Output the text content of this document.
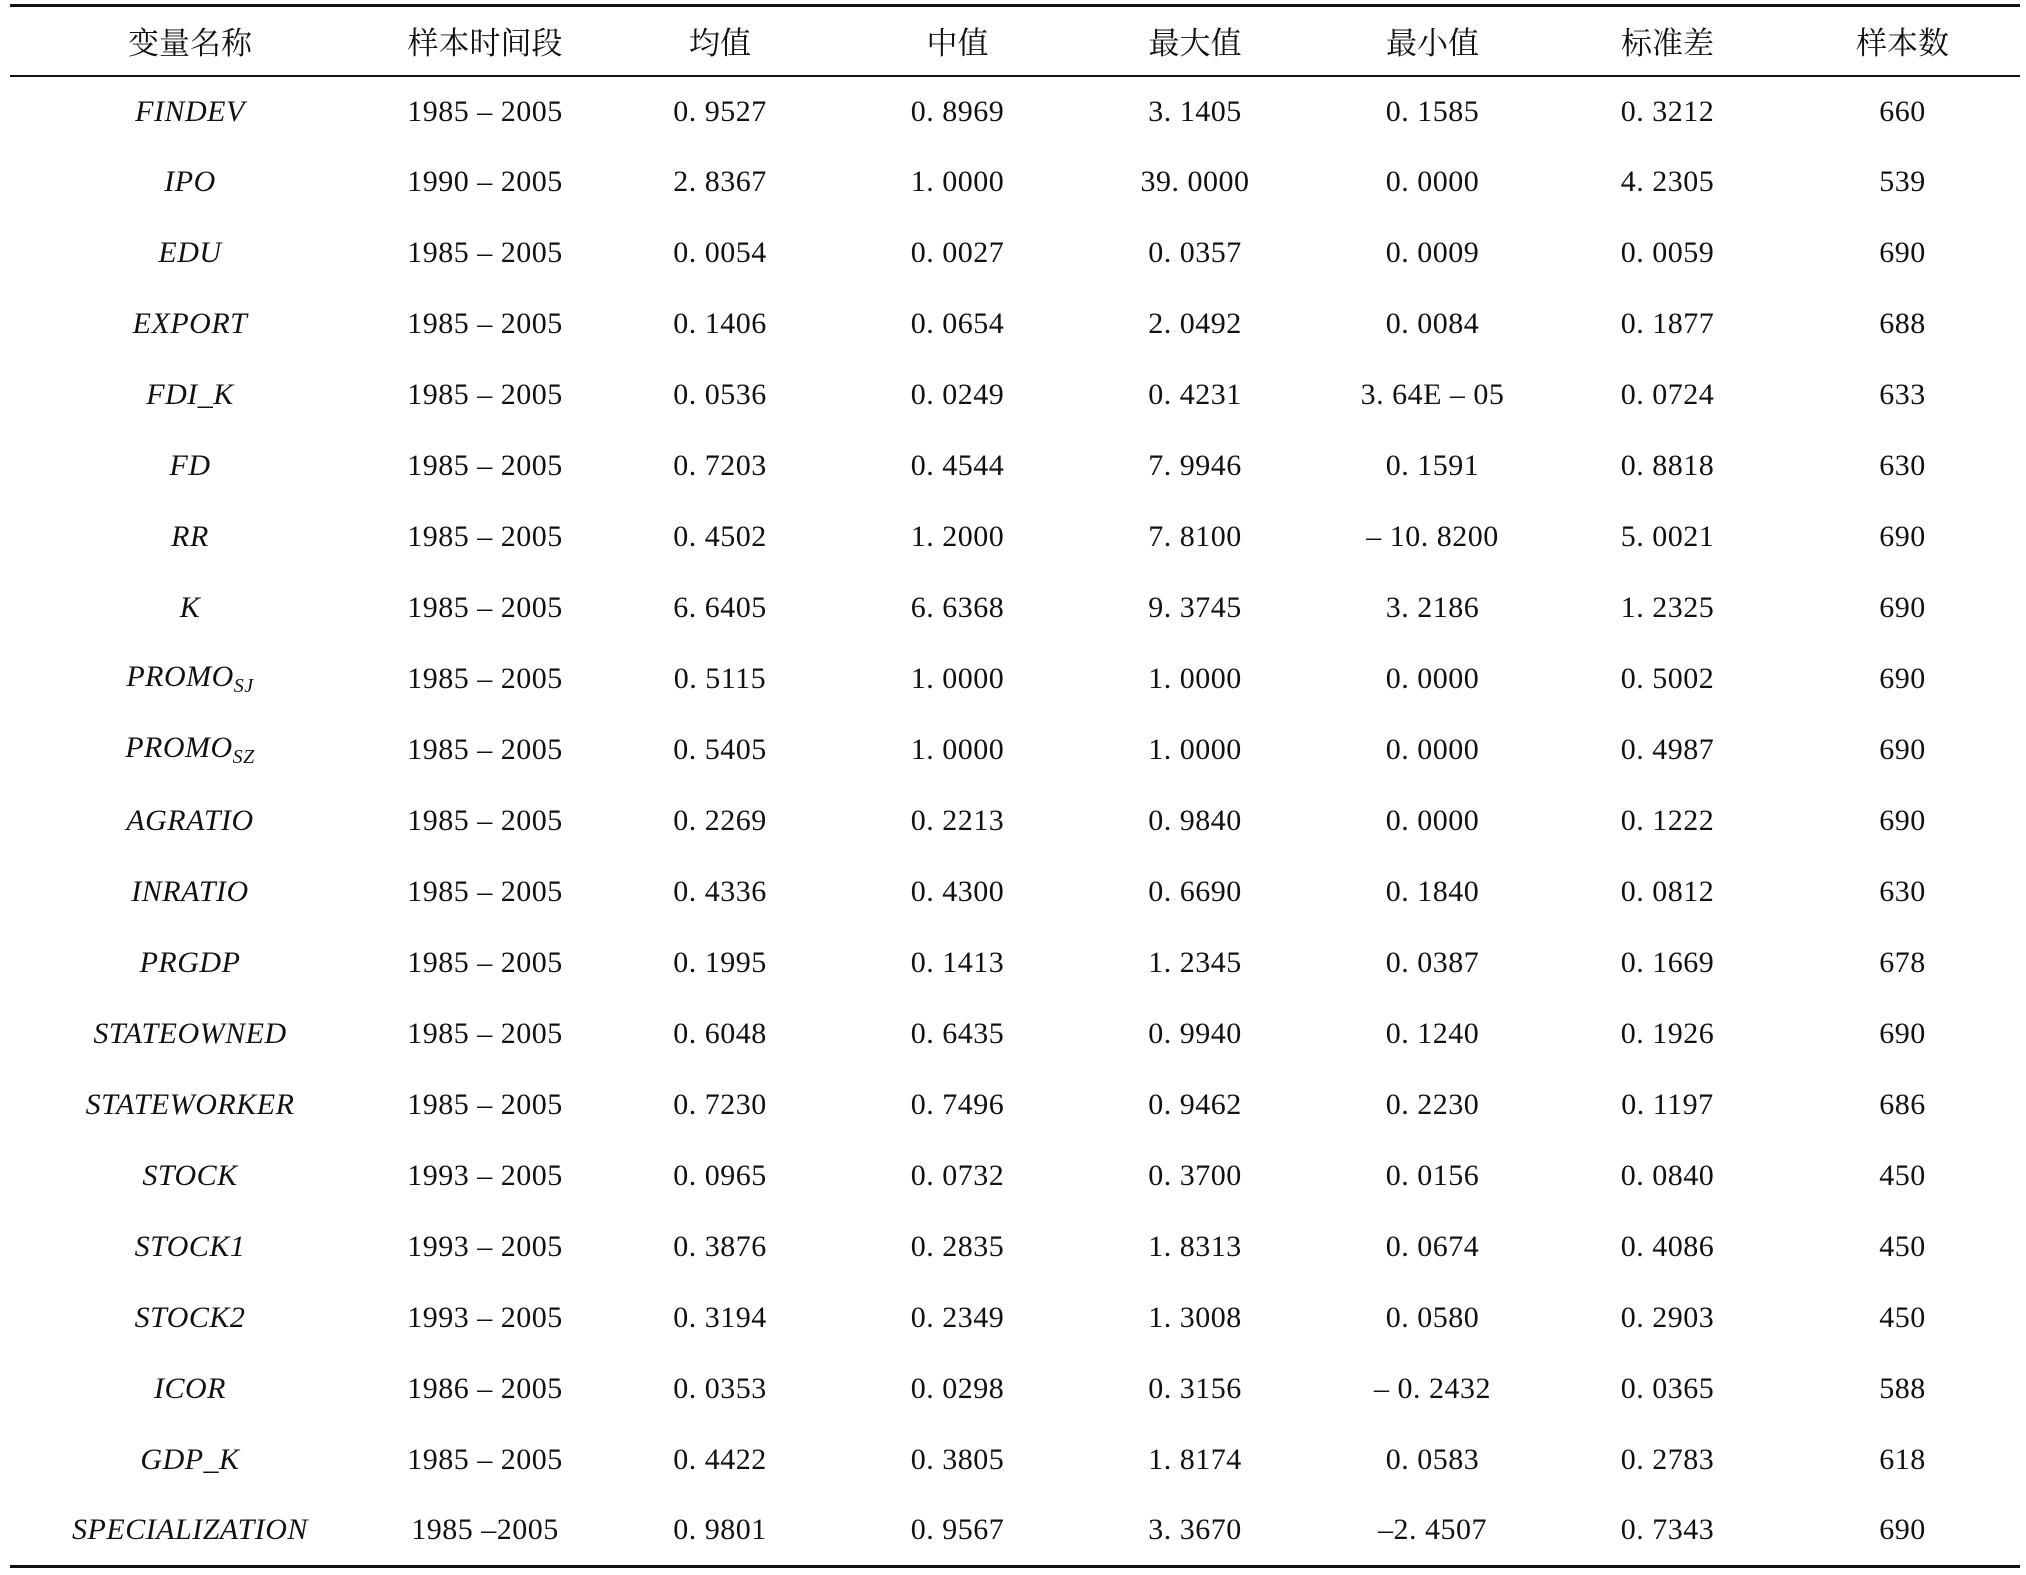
变量名称	样本时间段	均值	中值	最大值	最小值	标准差	样本数
FINDEV	1985 – 2005	0. 9527	0. 8969	3. 1405	0. 1585	0. 3212	660
IPO	1990 – 2005	2. 8367	1. 0000	39. 0000	0. 0000	4. 2305	539
EDU	1985 – 2005	0. 0054	0. 0027	0. 0357	0. 0009	0. 0059	690
EXPORT	1985 – 2005	0. 1406	0. 0654	2. 0492	0. 0084	0. 1877	688
FDI_K	1985 – 2005	0. 0536	0. 0249	0. 4231	3. 64E – 05	0. 0724	633
FD	1985 – 2005	0. 7203	0. 4544	7. 9946	0. 1591	0. 8818	630
RR	1985 – 2005	0. 4502	1. 2000	7. 8100	– 10. 8200	5. 0021	690
K	1985 – 2005	6. 6405	6. 6368	9. 3745	3. 2186	1. 2325	690
$PROMO_{SJ}$	1985 – 2005	0. 5115	1. 0000	1. 0000	0. 0000	0. 5002	690
$PROMO_{SZ}$	1985 – 2005	0. 5405	1. 0000	1. 0000	0. 0000	0. 4987	690
AGRATIO	1985 – 2005	0. 2269	0. 2213	0. 9840	0. 0000	0. 1222	690
INRATIO	1985 – 2005	0. 4336	0. 4300	0. 6690	0. 1840	0. 0812	630
PRGDP	1985 – 2005	0. 1995	0. 1413	1. 2345	0. 0387	0. 1669	678
STATEOWNED	1985 – 2005	0. 6048	0. 6435	0. 9940	0. 1240	0. 1926	690
STATEWORKER	1985 – 2005	0. 7230	0. 7496	0. 9462	0. 2230	0. 1197	686
STOCK	1993 – 2005	0. 0965	0. 0732	0. 3700	0. 0156	0. 0840	450
STOCK1	1993 – 2005	0. 3876	0. 2835	1. 8313	0. 0674	0. 4086	450
STOCK2	1993 – 2005	0. 3194	0. 2349	1. 3008	0. 0580	0. 2903	450
ICOR	1986 – 2005	0. 0353	0. 0298	0. 3156	– 0. 2432	0. 0365	588
GDP_K	1985 – 2005	0. 4422	0. 3805	1. 8174	0. 0583	0. 2783	618
SPECIALIZATION	1985 –2005	0. 9801	0. 9567	3. 3670	–2. 4507	0. 7343	690
